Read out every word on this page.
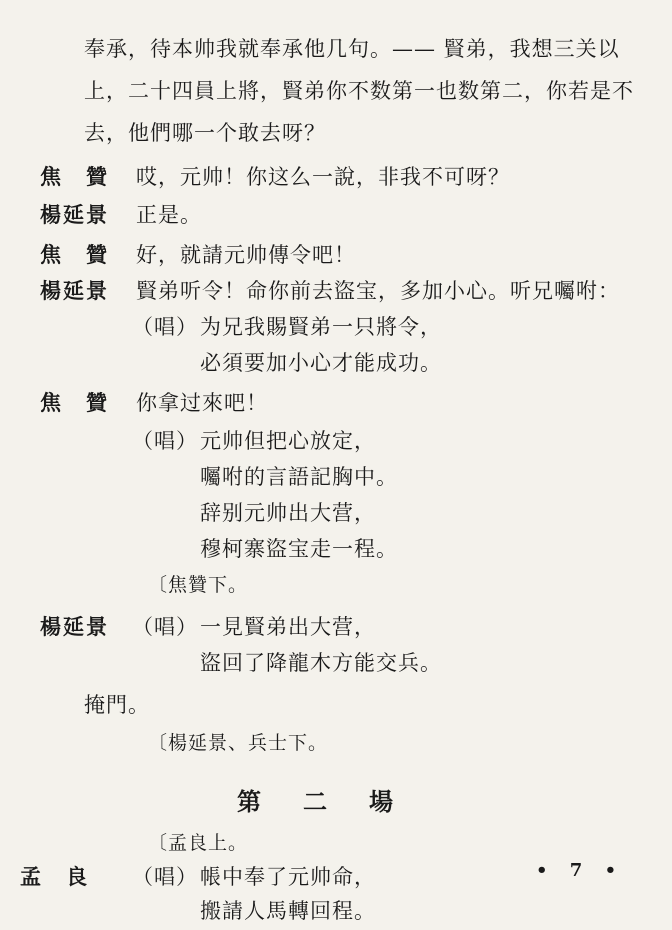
奉承，待本帅我就奉承他几句。—— 賢弟，我想三关以
上，二十四員上將，賢弟你不数第一也数第二，你若是不
去，他們哪一个敢去呀？
焦　贊 哎，元帅！你这么一說，非我不可呀？
楊延景 正是。
焦　贊 好，就請元帅傳令吧！
楊延景 賢弟听令！命你前去盜宝，多加小心。听兄囑咐：
（唱） 为兄我賜賢弟一只將令，
必須要加小心才能成功。
焦　贊 你拿过來吧！
（唱） 元帅但把心放定，
囑咐的言語記胸中。
辞别元帅出大营，
穆柯寨盜宝走一程。
〔焦贊下。
楊延景 （唱） 一見賢弟出大营，
盜回了降龍木方能交兵。
掩門。
〔楊延景、兵士下。
第二場
〔孟良上。
孟　良 （唱） 帳中奉了元帅命，
搬請人馬轉回程。
• 7 •
